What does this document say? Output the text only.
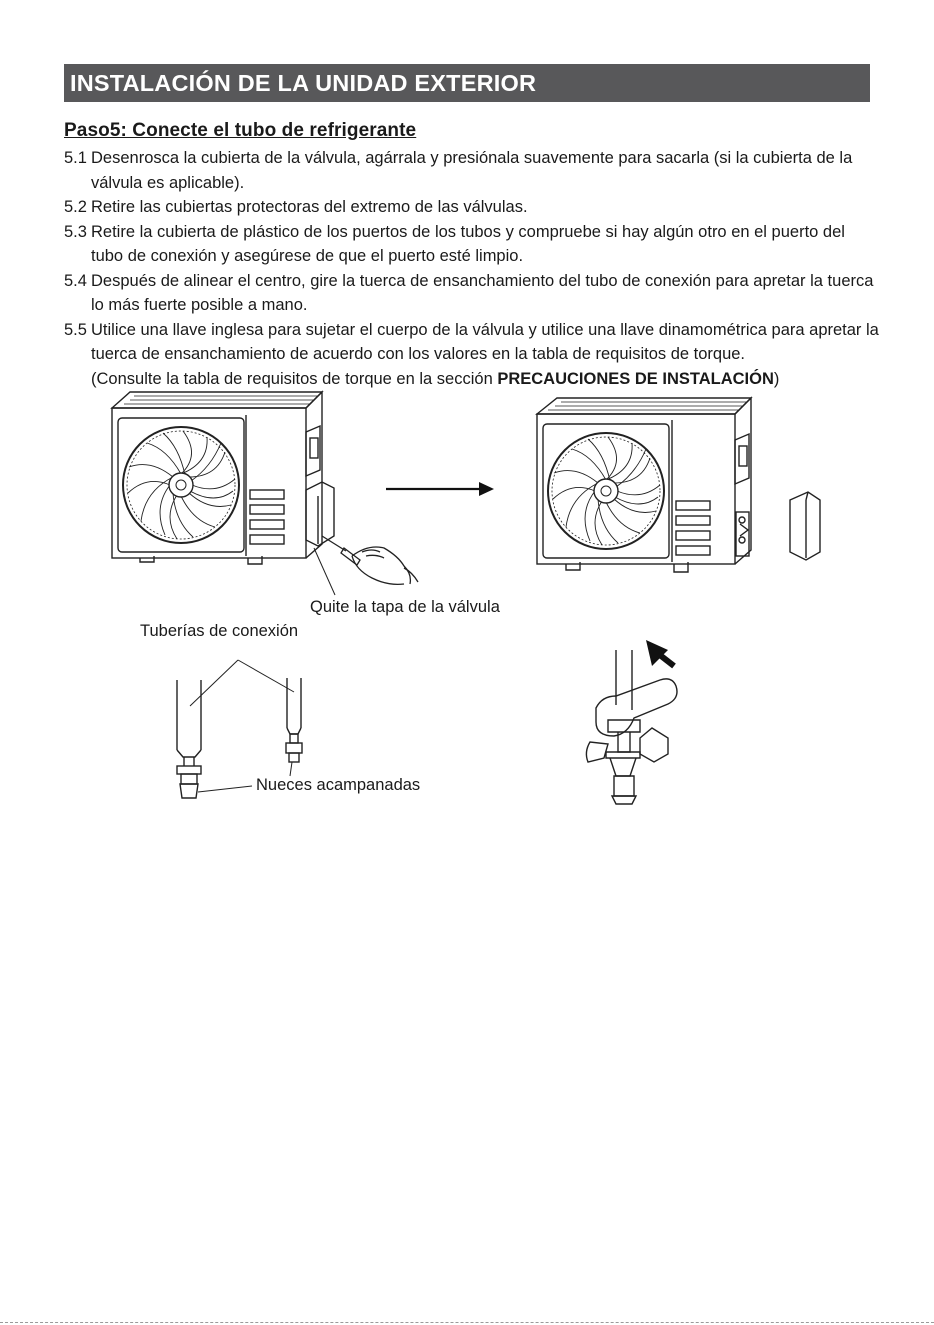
INSTALACIÓN DE LA UNIDAD EXTERIOR
Paso5: Conecte el tubo de refrigerante
5.1 Desenrosca la cubierta de la válvula, agárrala y presiónala suavemente para sacarla (si la cubierta de la válvula es aplicable).
5.2 Retire las cubiertas protectoras del extremo de las válvulas.
5.3 Retire la cubierta de plástico de los puertos de los tubos y compruebe si hay algún otro en el puerto del tubo de conexión y asegúrese de que el puerto esté limpio.
5.4 Después de alinear el centro, gire la tuerca de ensanchamiento del tubo de conexión para apretar la tuerca lo más fuerte posible a mano.
5.5 Utilice una llave inglesa para sujetar el cuerpo de la válvula y utilice una llave dinamométrica para apretar la tuerca de ensanchamiento de acuerdo con los valores en la tabla de requisitos de torque.
(Consulte la tabla de requisitos de torque en la sección PRECAUCIONES DE INSTALACIÓN)
Quite la tapa de la válvula
Tuberías de conexión
Nueces acampanadas
